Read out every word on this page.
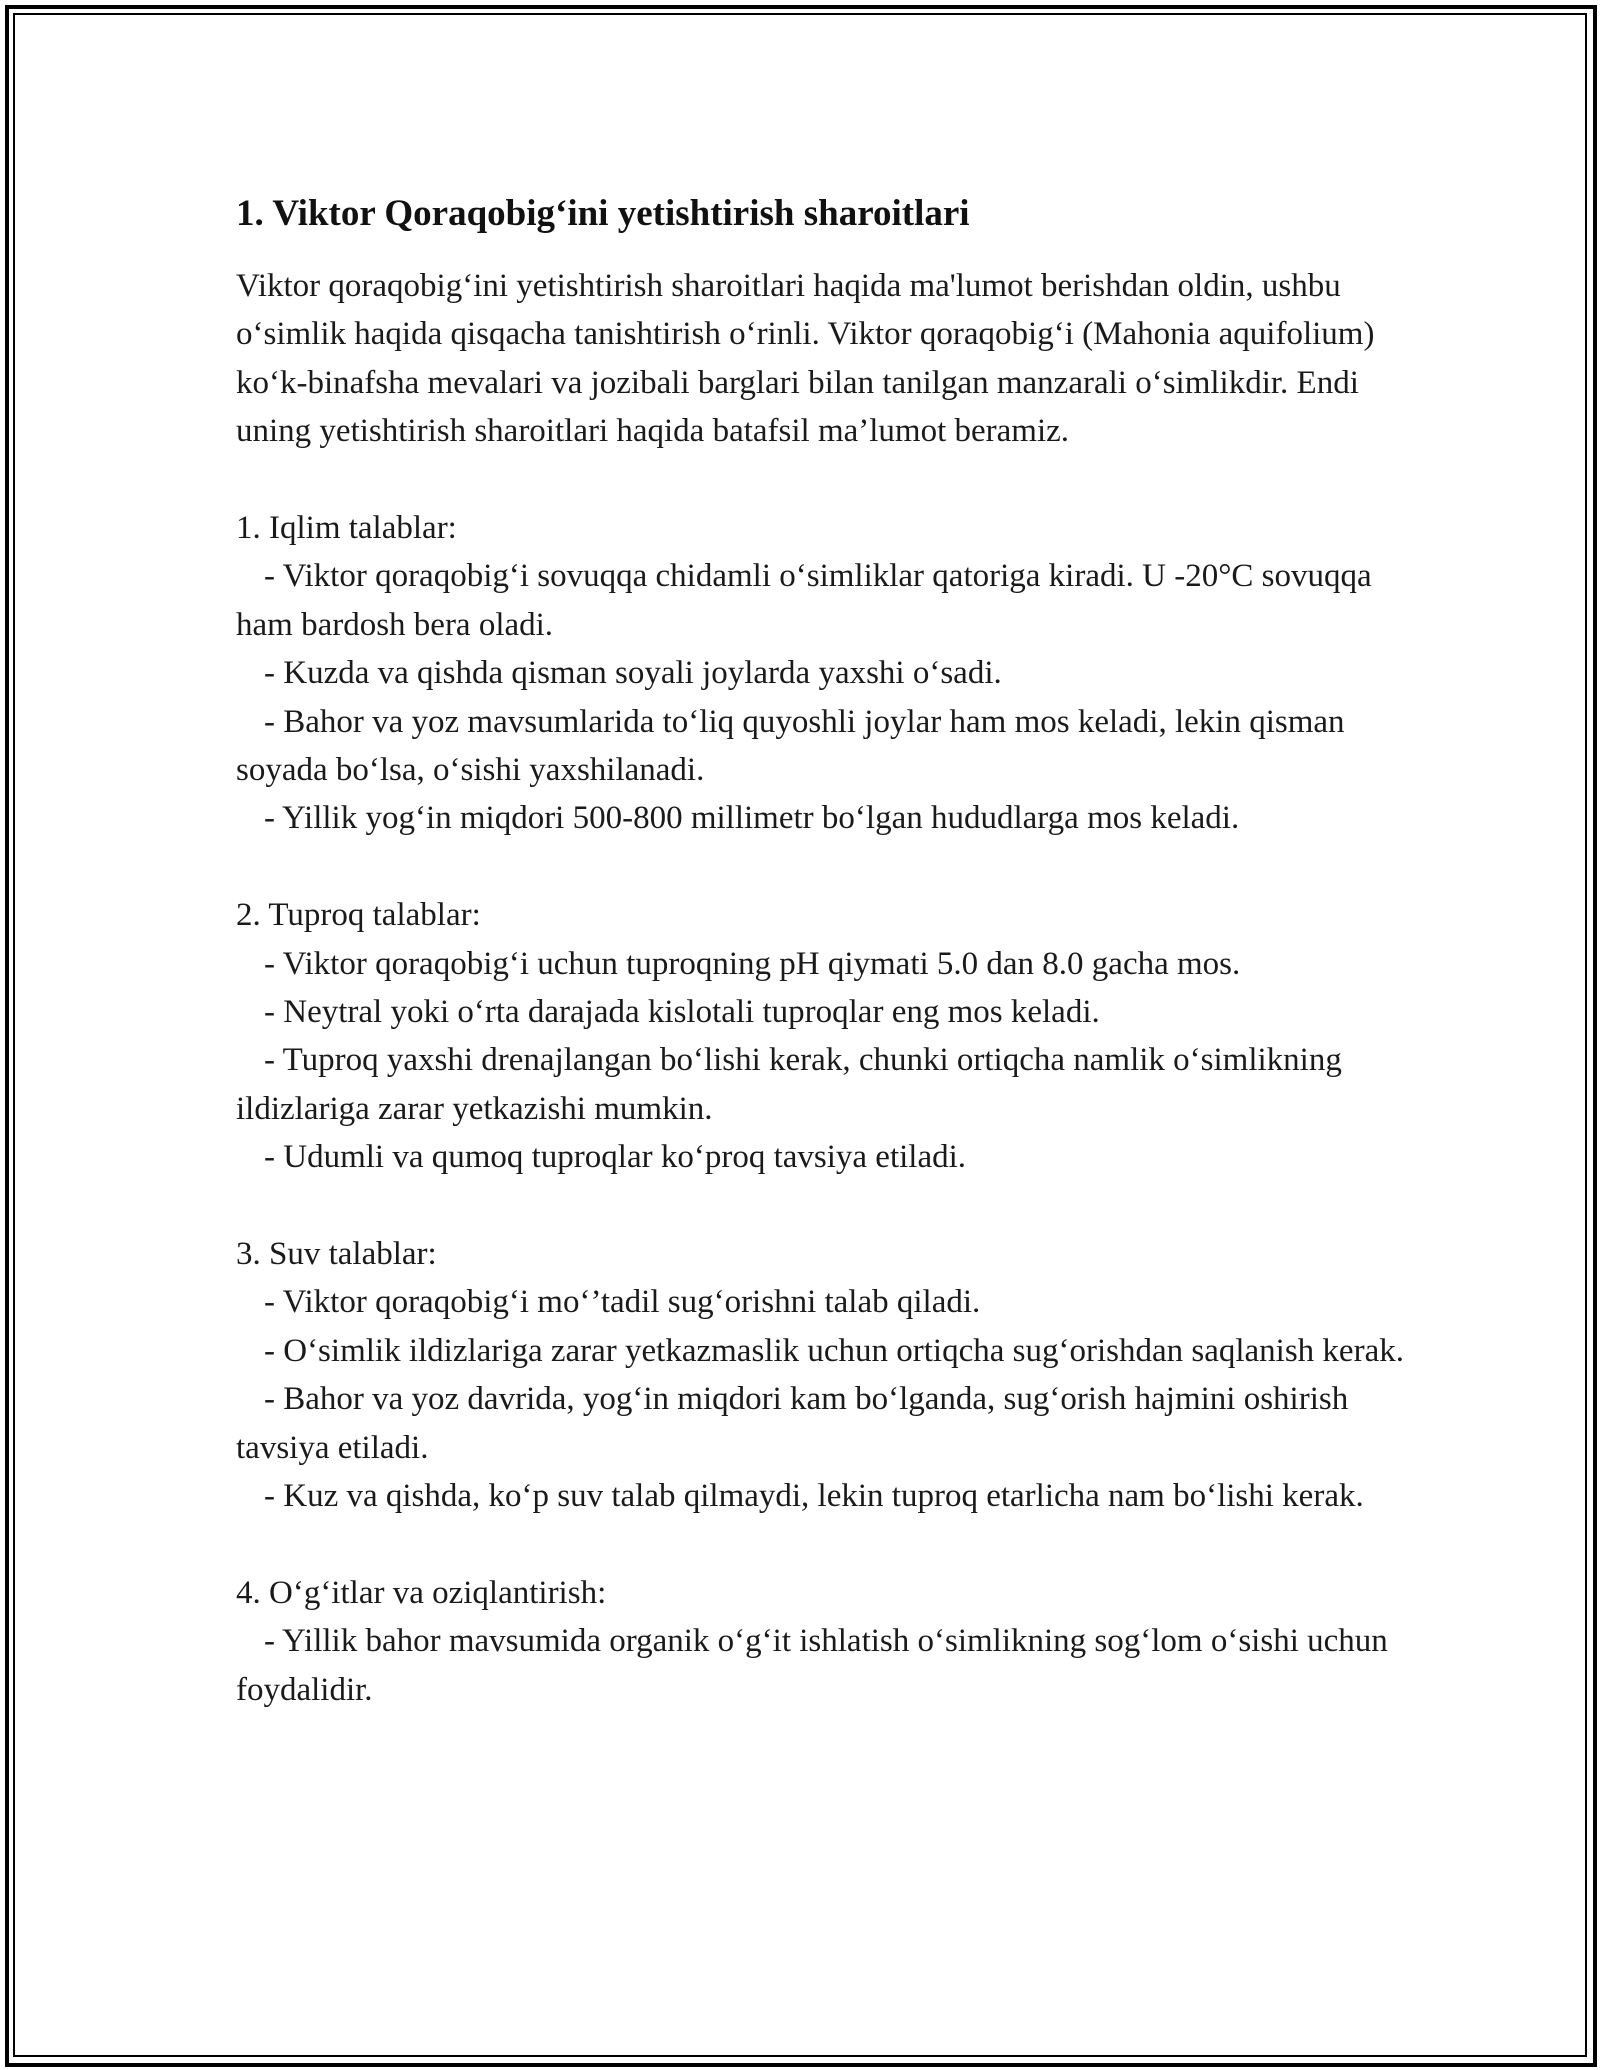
1. Viktor Qoraqobig‘ini yetishtirish sharoitlari

Viktor qoraqobig‘ini yetishtirish sharoitlari haqida ma'lumot berishdan oldin, ushbu o‘simlik haqida qisqacha tanishtirish o‘rinli. Viktor qoraqobig‘i (Mahonia aquifolium) ko‘k-binafsha mevalari va jozibali barglari bilan tanilgan manzarali o‘simlikdir. Endi uning yetishtirish sharoitlari haqida batafsil ma’lumot beramiz.

1. Iqlim talablar:

- Viktor qoraqobig‘i sovuqqa chidamli o‘simliklar qatoriga kiradi. U -20°C sovuqqa ham bardosh bera oladi.

- Kuzda va qishda qisman soyali joylarda yaxshi o‘sadi.

- Bahor va yoz mavsumlarida to‘liq quyoshli joylar ham mos keladi, lekin qisman soyada bo‘lsa, o‘sishi yaxshilanadi.

- Yillik yog‘in miqdori 500-800 millimetr bo‘lgan hududlarga mos keladi.

2. Tuproq talablar:

- Viktor qoraqobig‘i uchun tuproqning pH qiymati 5.0 dan 8.0 gacha mos.

- Neytral yoki o‘rta darajada kislotali tuproqlar eng mos keladi.

- Tuproq yaxshi drenajlangan bo‘lishi kerak, chunki ortiqcha namlik o‘simlikning ildizlariga zarar yetkazishi mumkin.

- Udumli va qumoq tuproqlar ko‘proq tavsiya etiladi.

3. Suv talablar:

- Viktor qoraqobig‘i mo‘’tadil sug‘orishni talab qiladi.

- O‘simlik ildizlariga zarar yetkazmaslik uchun ortiqcha sug‘orishdan saqlanish kerak.

- Bahor va yoz davrida, yog‘in miqdori kam bo‘lganda, sug‘orish hajmini oshirish tavsiya etiladi.

- Kuz va qishda, ko‘p suv talab qilmaydi, lekin tuproq etarlicha nam bo‘lishi kerak.

4. O‘g‘itlar va oziqlantirish:

- Yillik bahor mavsumida organik o‘g‘it ishlatish o‘simlikning sog‘lom o‘sishi uchun foydalidir.
